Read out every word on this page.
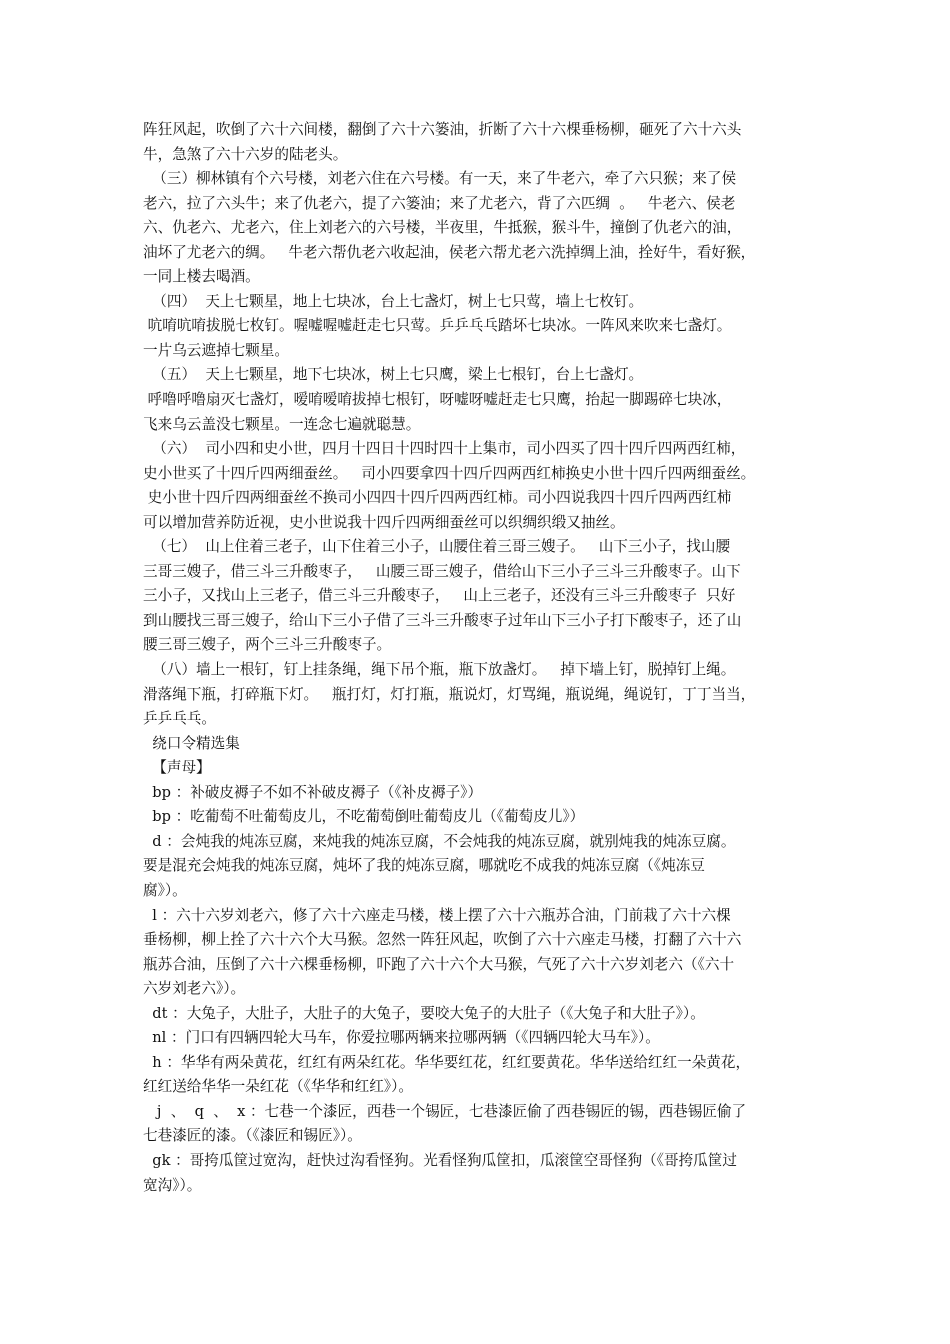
阵狂风起，吹倒了六十六间楼，翻倒了六十六篓油，折断了六十六棵垂杨柳，砸死了六十六头
牛，急煞了六十六岁的陆老头。
（三）柳林镇有个六号楼，刘老六住在六号楼。有一天，来了牛老六，牵了六只猴；来了侯
老六，拉了六头牛；来了仇老六，提了六篓油；来了尤老六，背了六匹绸  。   牛老六、侯老
六、仇老六、尤老六，住上刘老六的六号楼，半夜里，牛抵猴，猴斗牛，撞倒了仇老六的油，
油坏了尤老六的绸。   牛老六帮仇老六收起油，侯老六帮尤老六洗掉绸上油，拴好牛，看好猴，
一同上楼去喝酒。
（四）  天上七颗星，地上七块冰，台上七盏灯，树上七只莺，墙上七枚钉。
吭唷吭唷拔脱七枚钉。喔嘘喔嘘赶走七只莺。乒乒乓乓踏坏七块冰。一阵风来吹来七盏灯。
一片乌云遮掉七颗星。
（五）  天上七颗星，地下七块冰，树上七只鹰，梁上七根钉，台上七盏灯。
呼噜呼噜扇灭七盏灯，嗳唷嗳唷拔掉七根钉，呀嘘呀嘘赶走七只鹰，抬起一脚踢碎七块冰，
飞来乌云盖没七颗星。一连念七遍就聪慧。
（六）  司小四和史小世，四月十四日十四时四十上集市，司小四买了四十四斤四两西红柿，
史小世买了十四斤四两细蚕丝。   司小四要拿四十四斤四两西红柿换史小世十四斤四两细蚕丝。
史小世十四斤四两细蚕丝不换司小四四十四斤四两西红柿。司小四说我四十四斤四两西红柿
可以增加营养防近视，史小世说我十四斤四两细蚕丝可以织绸织缎又抽丝。
（七）  山上住着三老子，山下住着三小子，山腰住着三哥三嫂子。   山下三小子，找山腰
三哥三嫂子，借三斗三升酸枣子，   山腰三哥三嫂子，借给山下三小子三斗三升酸枣子。山下
三小子，又找山上三老子，借三斗三升酸枣子，   山上三老子，还没有三斗三升酸枣子  只好
到山腰找三哥三嫂子，给山下三小子借了三斗三升酸枣子过年山下三小子打下酸枣子，还了山
腰三哥三嫂子，两个三斗三升酸枣子。
（八）墙上一根钉，钉上挂条绳，绳下吊个瓶，瓶下放盏灯。   掉下墙上钉，脱掉钉上绳。
滑落绳下瓶，打碎瓶下灯。   瓶打灯，灯打瓶，瓶说灯，灯骂绳，瓶说绳，绳说钉，丁丁当当，
乒乒乓乓。
绕口令精选集
【声母】
bp ：补破皮褥子不如不补破皮褥子（《补皮褥子》）
bp ：吃葡萄不吐葡萄皮儿，不吃葡萄倒吐葡萄皮儿（《葡萄皮儿》）
d ：会炖我的炖冻豆腐，来炖我的炖冻豆腐，不会炖我的炖冻豆腐，就别炖我的炖冻豆腐。
要是混充会炖我的炖冻豆腐，炖坏了我的炖冻豆腐，哪就吃不成我的炖冻豆腐（《炖冻豆
腐》）。
l ：六十六岁刘老六，修了六十六座走马楼，楼上摆了六十六瓶苏合油，门前栽了六十六棵
垂杨柳，柳上拴了六十六个大马猴。忽然一阵狂风起，吹倒了六十六座走马楼，打翻了六十六
瓶苏合油，压倒了六十六棵垂杨柳，吓跑了六十六个大马猴，气死了六十六岁刘老六（《六十
六岁刘老六》）。
dt ：大兔子，大肚子，大肚子的大兔子，要咬大兔子的大肚子（《大兔子和大肚子》）。
nl ：门口有四辆四轮大马车，你爱拉哪两辆来拉哪两辆（《四辆四轮大马车》）。
h ：华华有两朵黄花，红红有两朵红花。华华要红花，红红要黄花。华华送给红红一朵黄花，
红红送给华华一朵红花（《华华和红红》）。
j  、  q  、  x ：七巷一个漆匠，西巷一个锡匠，七巷漆匠偷了西巷锡匠的锡，西巷锡匠偷了
七巷漆匠的漆。（《漆匠和锡匠》）。
gk ：哥挎瓜筐过宽沟，赶快过沟看怪狗。光看怪狗瓜筐扣，瓜滚筐空哥怪狗（《哥挎瓜筐过
宽沟》）。
